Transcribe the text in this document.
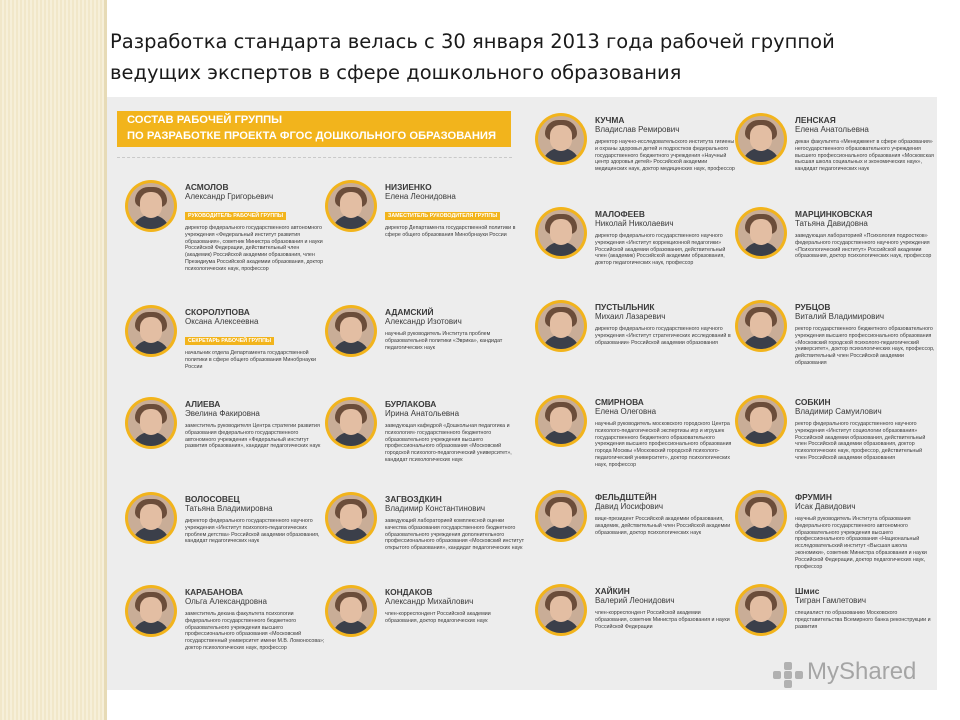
Разработка стандарта велась с 30 января 2013 года рабочей группой
ведущих экспертов в сфере дошкольного образования
СОСТАВ РАБОЧЕЙ ГРУППЫ
ПО РАЗРАБОТКЕ ПРОЕКТА ФГОС ДОШКОЛЬНОГО ОБРАЗОВАНИЯ
АСМОЛОВ
Александр Григорьевич
РУКОВОДИТЕЛЬ РАБОЧЕЙ ГРУППЫ
директор федерального государственного автономного учреждения «Федеральный институт развития образования», советник Министра образования и науки Российской Федерации, действительный член (академик) Российской академии образования, член Президиума Российской академии образования, доктор психологических наук, профессор
СКОРОЛУПОВА
Оксана Алексеевна
СЕКРЕТАРЬ РАБОЧЕЙ ГРУППЫ
начальник отдела Департамента государственной политики в сфере общего образования Минобрнауки России
АЛИЕВА
Эвелина Факировна
заместитель руководителя Центра стратегии развития образования федерального государственного автономного учреждения «Федеральный институт развития образования», кандидат педагогических наук
ВОЛОСОВЕЦ
Татьяна Владимировна
директор федерального государственного научного учреждения «Институт психолого-педагогических проблем детства» Российской академии образования, кандидат педагогических наук
КАРАБАНОВА
Ольга Александровна
заместитель декана факультета психологии федерального государственного бюджетного образовательного учреждения высшего профессионального образования «Московский государственный университет имени М.В. Ломоносова»; доктор психологических наук, профессор
НИЗИЕНКО
Елена Леонидовна
ЗАМЕСТИТЕЛЬ РУКОВОДИТЕЛЯ ГРУППЫ
директор Департамента государственной политики в сфере общего образования Минобрнауки России
АДАМСКИЙ
Александр Изотович
научный руководитель Института проблем образовательной политики «Эврика», кандидат педагогических наук
БУРЛАКОВА
Ирина Анатольевна
заведующая кафедрой «Дошкольная педагогика и психология» государственного бюджетного образовательного учреждения высшего профессионального образования «Московский городской психолого-педагогический университет», кандидат психологических наук
ЗАГВОЗДКИН
Владимир Константинович
заведующий лабораторией комплексной оценки качества образования государственного бюджетного образовательного учреждения дополнительного профессионального образования «Московский институт открытого образования», кандидат педагогических наук
КОНДАКОВ
Александр Михайлович
член-корреспондент Российской академии образования, доктор педагогических наук
КУЧМА
Владислав Ремирович
директор научно-исследовательского института гигиены и охраны здоровья детей и подростков федерального государственного бюджетного учреждения «Научный центр здоровья детей» Российской академии медицинских наук, доктор медицинских наук, профессор
МАЛОФЕЕВ
Николай Николаевич
директор федерального государственного научного учреждения «Институт коррекционной педагогики» Российской академии образования, действительный член (академик) Российской академии образования, доктор педагогических наук, профессор
ПУСТЫЛЬНИК
Михаил Лазаревич
директор федерального государственного научного учреждения «Институт стратегических исследований в образовании» Российской академии образования
СМИРНОВА
Елена Олеговна
научный руководитель московского городского Центра психолого-педагогической экспертизы игр и игрушек государственного бюджетного образовательного учреждения высшего профессионального образования города Москвы «Московский городской психолого-педагогический университет», доктор психологических наук, профессор
ФЕЛЬДШТЕЙН
Давид Иосифович
вице-президент Российской академии образования, академик, действительный член Российской академии образования, доктор психологических наук
ХАЙКИН
Валерий Леонидович
член-корреспондент Российской академии образования, советник Министра образования и науки Российской Федерации
ЛЕНСКАЯ
Елена Анатольевна
декан факультета «Менеджмент в сфере образования» негосударственного образовательного учреждения высшего профессионального образования «Московская высшая школа социальных и экономических наук», кандидат педагогических наук
МАРЦИНКОВСКАЯ
Татьяна Давидовна
заведующая лабораторией «Психология подростков» федерального государственного научного учреждения «Психологический институт» Российской академии образования, доктор психологических наук, профессор
РУБЦОВ
Виталий Владимирович
ректор государственного бюджетного образовательного учреждения высшего профессионального образования «Московский городской психолого-педагогический университет», доктор психологических наук, профессор, действительный член Российской академии образования
СОБКИН
Владимир Самуилович
ректор федерального государственного научного учреждения «Институт социологии образования» Российской академии образования, действительный член Российской академии образования, доктор психологических наук, профессор, действительный член Российской академии образования
ФРУМИН
Исак Давидович
научный руководитель Института образования федерального государственного автономного образовательного учреждения высшего профессионального образования «Национальный исследовательский институт «Высшая школа экономики», советник Министра образования и науки Российской Федерации, доктор педагогических наук, профессор
Шмис
Тигран Гамлетович
специалист по образованию Московского представительства Всемирного банка реконструкции и развития
MyShared
